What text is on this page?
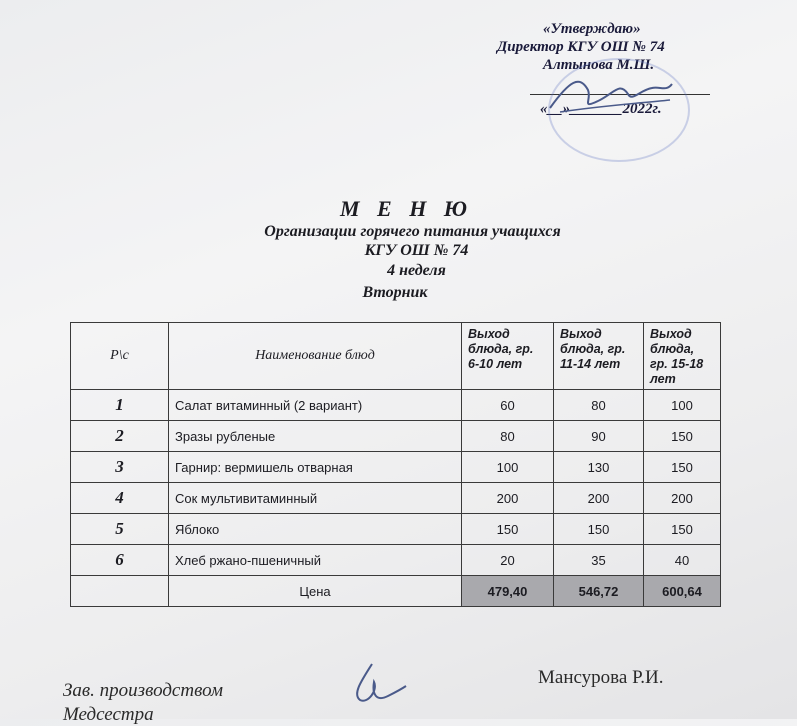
«Утверждаю»
Директор КГУ ОШ № 74
Алтынова М.Ш.
«__»_______2022г.
М Е Н Ю
Организации горячего питания учащихся
КГУ ОШ № 74
4 неделя
Вторник
Р\с	Наименование блюд	Выход блюда, гр. 6-10 лет	Выход блюда, гр. 11-14 лет	Выход блюда, гр. 15-18 лет
1	Салат витаминный (2 вариант)	60	80	100
2	Зразы рубленые	80	90	150
3	Гарнир: вермишель отварная	100	130	150
4	Сок мультивитаминный	200	200	200
5	Яблоко	150	150	150
6	Хлеб ржано-пшеничный	20	35	40
	Цена	479,40	546,72	600,64
Зав. производством
Медсестра
Мансурова Р.И.
